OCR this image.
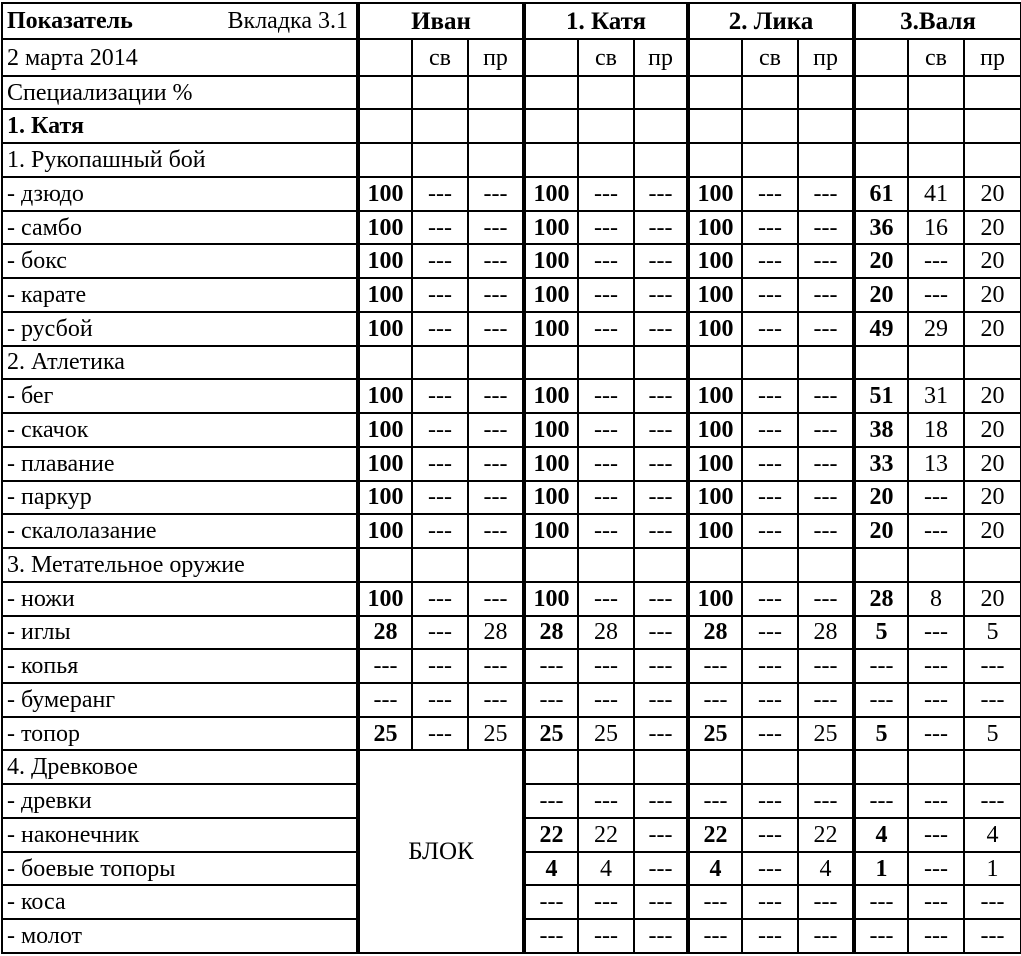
Показатель Вкладка 3.1	Иван			1. Катя			2. Лика			3.Валя		
2 марта 2014		св	пр		св	пр		св	пр		св	пр
Специализации %												
1. Катя												
1. Рукопашный бой												
- дзюдо	100	---	---	100	---	---	100	---	---	61	41	20
- самбо	100	---	---	100	---	---	100	---	---	36	16	20
- бокс	100	---	---	100	---	---	100	---	---	20	---	20
- карате	100	---	---	100	---	---	100	---	---	20	---	20
- русбой	100	---	---	100	---	---	100	---	---	49	29	20
2. Атлетика												
- бег	100	---	---	100	---	---	100	---	---	51	31	20
- скачок	100	---	---	100	---	---	100	---	---	38	18	20
- плавание	100	---	---	100	---	---	100	---	---	33	13	20
- паркур	100	---	---	100	---	---	100	---	---	20	---	20
- скалолазание	100	---	---	100	---	---	100	---	---	20	---	20
3. Метательное оружие												
- ножи	100	---	---	100	---	---	100	---	---	28	8	20
- иглы	28	---	28	28	28	---	28	---	28	5	---	5
- копья	---	---	---	---	---	---	---	---	---	---	---	---
- бумеранг	---	---	---	---	---	---	---	---	---	---	---	---
- топор	25	---	25	25	25	---	25	---	25	5	---	5
4. Древковое	БЛОК											
- древки				---	---	---	---	---	---	---	---	---
- наконечник				22	22	---	22	---	22	4	---	4
- боевые топоры				4	4	---	4	---	4	1	---	1
- коса				---	---	---	---	---	---	---	---	---
- молот				---	---	---	---	---	---	---	---	---
